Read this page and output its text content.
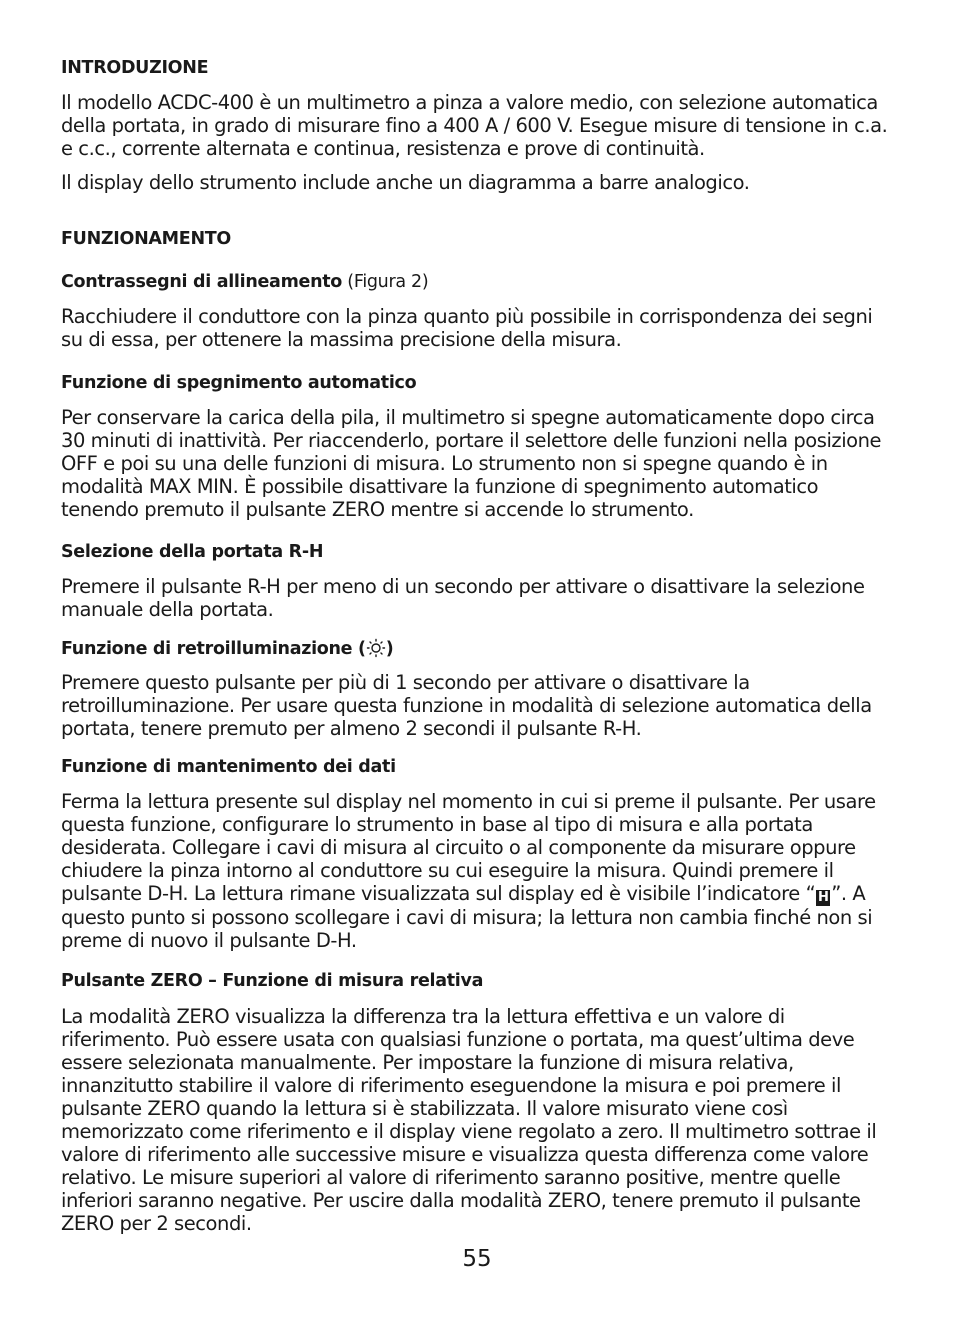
INTRODUZIONE

Il modello ACDC-400 è un multimetro a pinza a valore medio, con selezione automatica della portata, in grado di misurare fino a 400 A / 600 V. Esegue misure di tensione in c.a. e c.c., corrente alternata e continua, resistenza e prove di continuità.

Il display dello strumento include anche un diagramma a barre analogico.

FUNZIONAMENTO
Contrassegni di allineamento (Figura 2)

Racchiudere il conduttore con la pinza quanto più possibile in corrispondenza dei segni su di essa, per ottenere la massima precisione della misura.

Funzione di spegnimento automatico

Per conservare la carica della pila, il multimetro si spegne automaticamente dopo circa 30 minuti di inattività. Per riaccenderlo, portare il selettore delle funzioni nella posizione OFF e poi su una delle funzioni di misura. Lo strumento non si spegne quando è in modalità MAX MIN. È possibile disattivare la funzione di spegnimento automatico tenendo premuto il pulsante ZERO mentre si accende lo strumento.

Selezione della portata R-H

Premere il pulsante R-H per meno di un secondo per attivare o disattivare la selezione manuale della portata.

Funzione di retroilluminazione ( )

Premere questo pulsante per più di 1 secondo per attivare o disattivare la retroilluminazione. Per usare questa funzione in modalità di selezione automatica della portata, tenere premuto per almeno 2 secondi il pulsante R-H.

Funzione di mantenimento dei dati

Ferma la lettura presente sul display nel momento in cui si preme il pulsante. Per usare questa funzione, configurare lo strumento in base al tipo di misura e alla portata desiderata. Collegare i cavi di misura al circuito o al componente da misurare oppure chiudere la pinza intorno al conduttore su cui eseguire la misura. Quindi premere il pulsante D-H. La lettura rimane visualizzata sul display ed è visibile l’indicatore “ H ”. A questo punto si possono scollegare i cavi di misura; la lettura non cambia finché non si preme di nuovo il pulsante D-H.

Pulsante ZERO – Funzione di misura relativa

La modalità ZERO visualizza la differenza tra la lettura effettiva e un valore di riferimento. Può essere usata con qualsiasi funzione o portata, ma quest’ultima deve essere selezionata manualmente. Per impostare la funzione di misura relativa, innanzitutto stabilire il valore di riferimento eseguendone la misura e poi premere il pulsante ZERO quando la lettura si è stabilizzata. Il valore misurato viene così memorizzato come riferimento e il display viene regolato a zero. Il multimetro sottrae il valore di riferimento alle successive misure e visualizza questa differenza come valore relativo. Le misure superiori al valore di riferimento saranno positive, mentre quelle inferiori saranno negative. Per uscire dalla modalità ZERO, tenere premuto il pulsante ZERO per 2 secondi.

55
